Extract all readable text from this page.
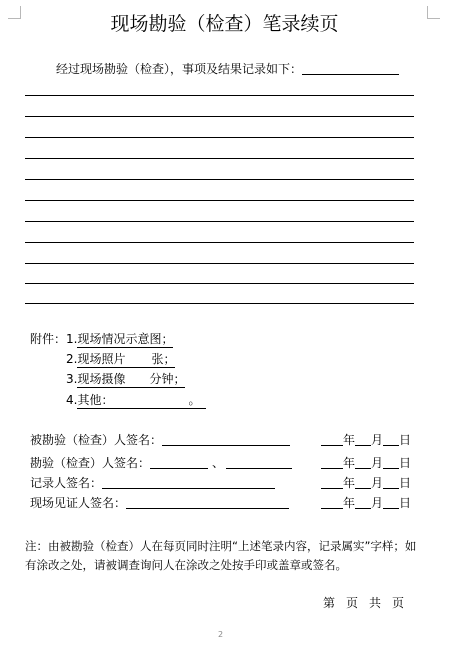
现场勘验（检查）笔录续页
经过现场勘验（检查），事项及结果记录如下：
附件： 1.现场情况示意图；
2.现场照片 张；
3.现场摄像 分钟；
4.其他：	。
被勘验（检查）人签名：
勘验（检查）人签名：	、
记录人签名：
现场见证人签名：
年 月 日
年 月 日
年 月 日
年 月 日
注：由被勘验（检查）人在每页同时注明“上述笔录内容，记录属实”字样；如有涂改之处，请被调查询问人在涂改之处按手印或盖章或签名。
第 页 共 页
2
